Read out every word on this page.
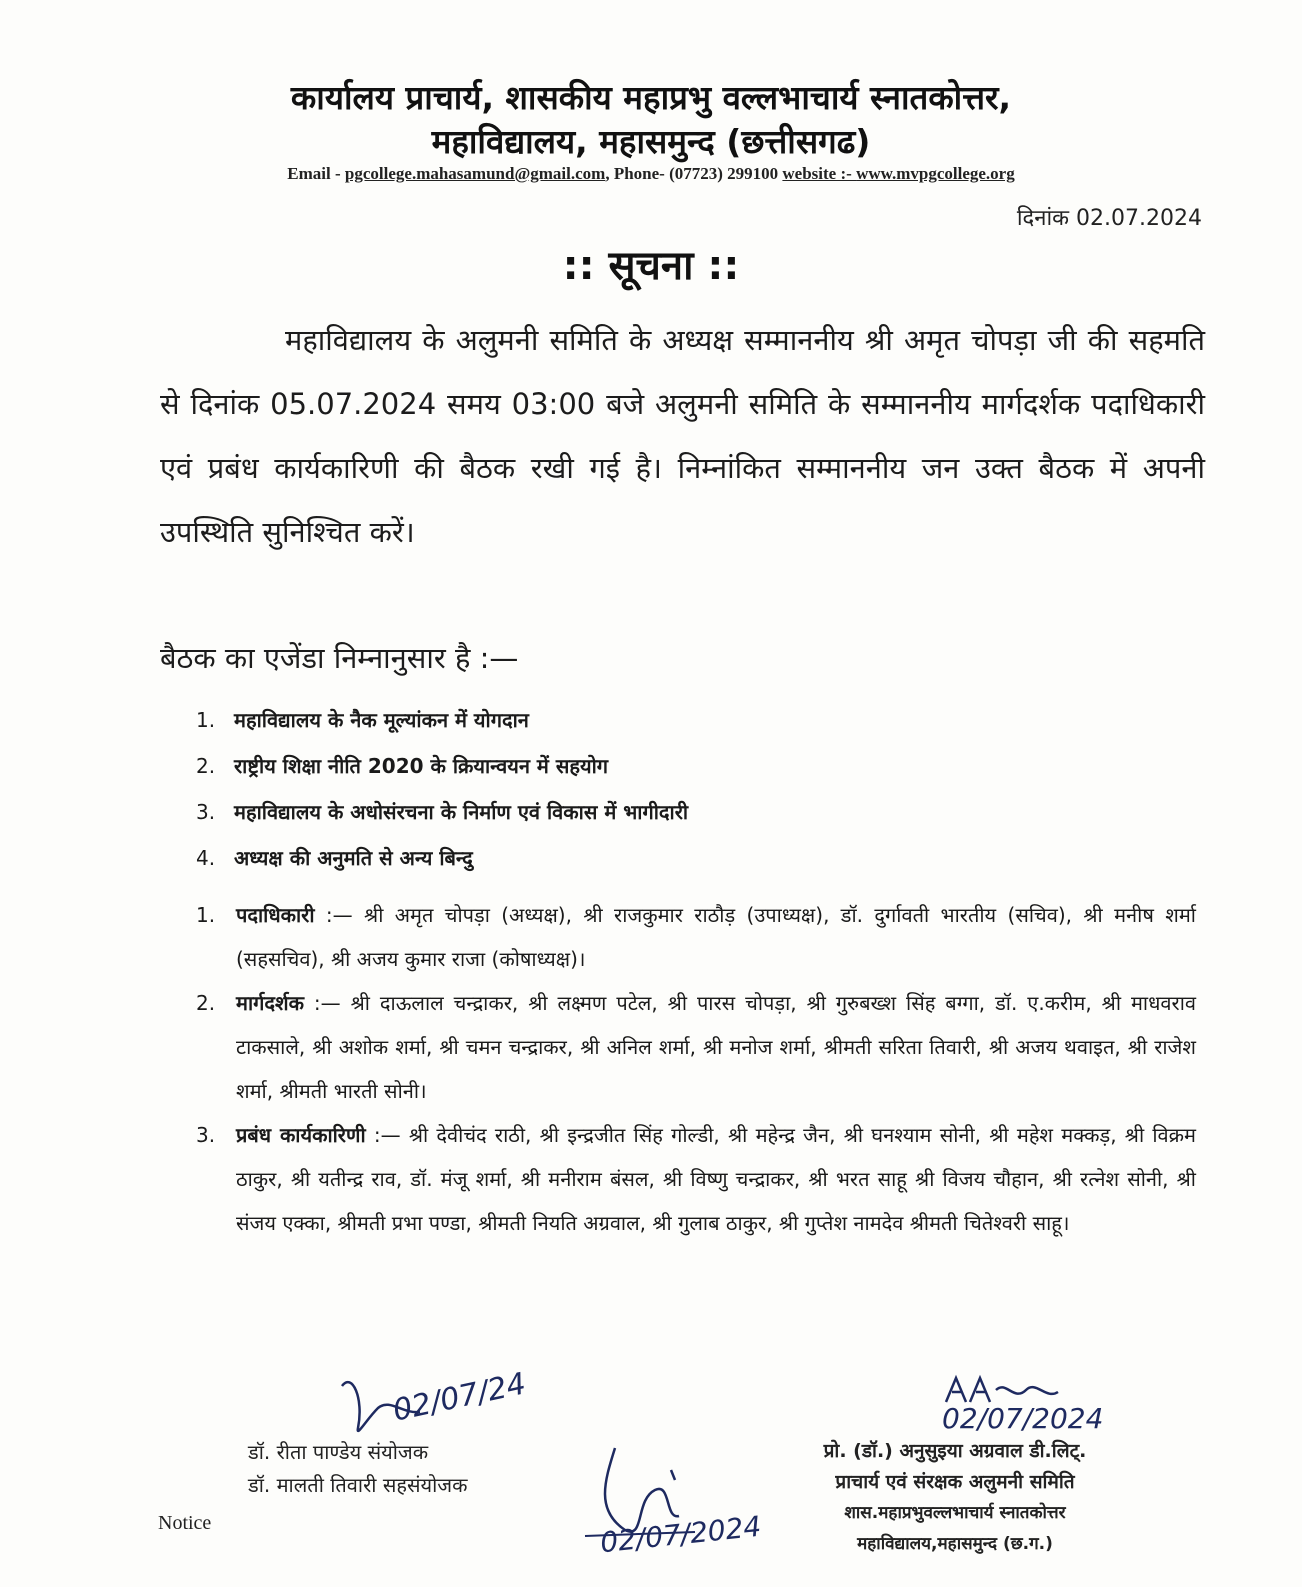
कार्यालय प्राचार्य, शासकीय महाप्रभु वल्लभाचार्य स्नातकोत्तर,
महाविद्यालय, महासमुन्द (छत्तीसगढ)
Email - pgcollege.mahasamund@gmail.com, Phone- (07723) 299100 website :- www.mvpgcollege.org
दिनांक 02.07.2024
:: सूचना ::

महाविद्यालय के अलुमनी समिति के अध्यक्ष सम्माननीय श्री अमृत चोपड़ा जी की सहमति से दिनांक 05.07.2024 समय 03:00 बजे अलुमनी समिति के सम्माननीय मार्गदर्शक पदाधिकारी एवं प्रबंध कार्यकारिणी की बैठक रखी गई है। निम्नांकित सम्माननीय जन उक्त बैठक में अपनी उपस्थिति सुनिश्चित करें।

बैठक का एजेंडा निम्नानुसार है :—
1. महाविद्यालय के नैक मूल्यांकन में योगदान
2. राष्ट्रीय शिक्षा नीति 2020 के क्रियान्वयन में सहयोग
3. महाविद्यालय के अधोसंरचना के निर्माण एवं विकास में भागीदारी
4. अध्यक्ष की अनुमति से अन्य बिन्दु
1.	पदाधिकारी :— श्री अमृत चोपड़ा (अध्यक्ष), श्री राजकुमार राठौड़ (उपाध्यक्ष), डॉ. दुर्गावती भारतीय (सचिव), श्री मनीष शर्मा (सहसचिव), श्री अजय कुमार राजा (कोषाध्यक्ष)।
2.	मार्गदर्शक :— श्री दाऊलाल चन्द्राकर, श्री लक्ष्मण पटेल, श्री पारस चोपड़ा, श्री गुरुबख्श सिंह बग्गा, डॉ. ए.करीम, श्री माधवराव टाकसाले, श्री अशोक शर्मा, श्री चमन चन्द्राकर, श्री अनिल शर्मा, श्री मनोज शर्मा, श्रीमती सरिता तिवारी, श्री अजय थवाइत, श्री राजेश शर्मा, श्रीमती भारती सोनी।
3.	प्रबंध कार्यकारिणी :— श्री देवीचंद राठी, श्री इन्द्रजीत सिंह गोल्डी, श्री महेन्द्र जैन, श्री घनश्याम सोनी, श्री महेश मक्कड़, श्री विक्रम ठाकुर, श्री यतीन्द्र राव, डॉ. मंजू शर्मा, श्री मनीराम बंसल, श्री विष्णु चन्द्राकर, श्री भरत साहू श्री विजय चौहान, श्री रत्नेश सोनी, श्री संजय एक्का, श्रीमती प्रभा पण्डा, श्रीमती नियति अग्रवाल, श्री गुलाब ठाकुर, श्री गुप्तेश नामदेव श्रीमती चितेश्वरी साहू।
02/07/24	02/07/2024
02/07/2024
डॉ. रीता पाण्डेय संयोजक
डॉ. मालती तिवारी सहसंयोजक
प्रो. (डॉ.) अनुसुइया अग्रवाल डी.लिट्.
प्राचार्य एवं संरक्षक अलुमनी समिति
शास.महाप्रभुवल्लभाचार्य स्नातकोत्तर
महाविद्यालय,महासमुन्द (छ.ग.)
Notice
